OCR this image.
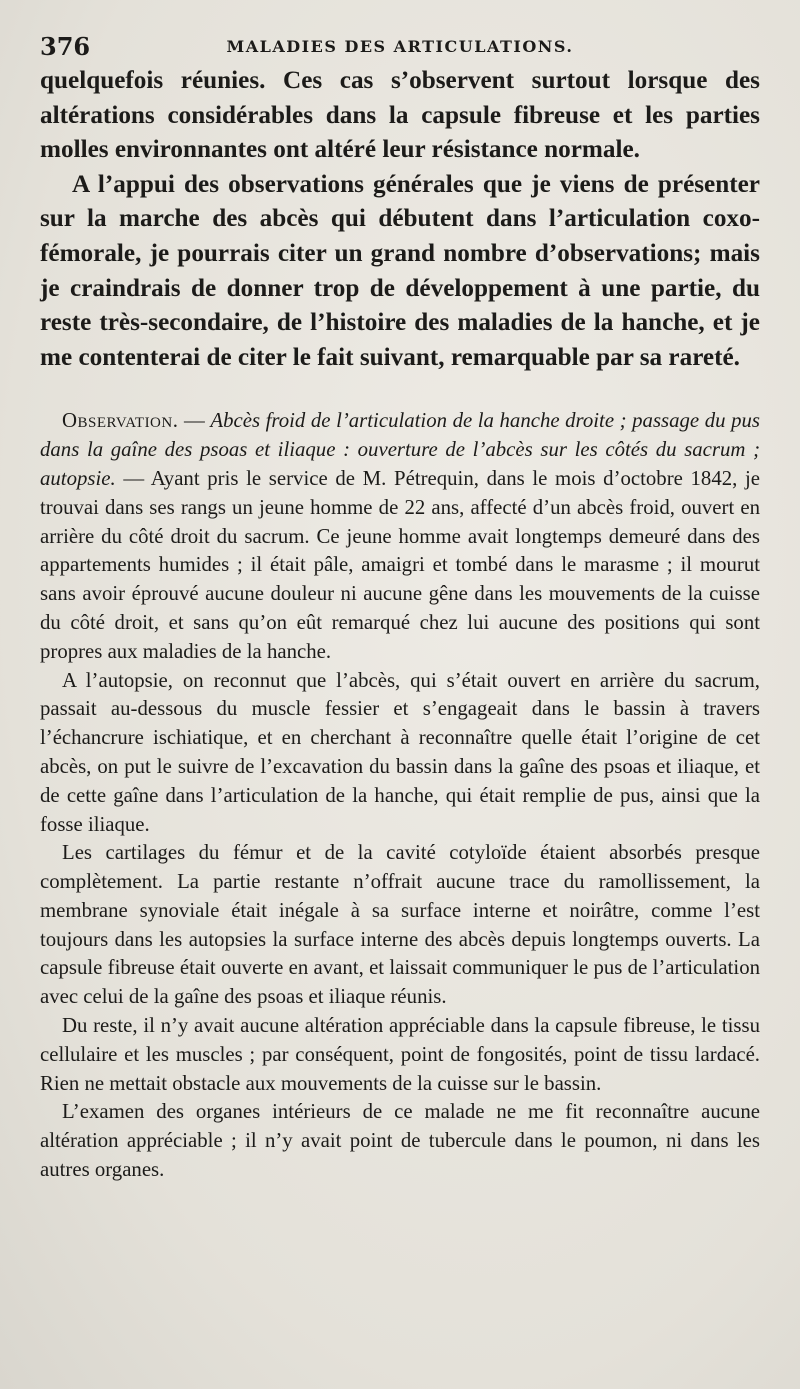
376	MALADIES DES ARTICULATIONS.

quelquefois réunies. Ces cas s’observent surtout lorsque des altérations considérables dans la capsule fibreuse et les parties molles environnantes ont altéré leur résistance normale.

A l’appui des observations générales que je viens de présenter sur la marche des abcès qui débutent dans l’articulation coxo-fémorale, je pourrais citer un grand nombre d’observations; mais je craindrais de donner trop de développement à une partie, du reste très-secondaire, de l’histoire des maladies de la hanche, et je me contenterai de citer le fait suivant, remarquable par sa rareté.

Observation. — Abcès froid de l’articulation de la hanche droite ; passage du pus dans la gaîne des psoas et iliaque : ouverture de l’abcès sur les côtés du sacrum ; autopsie. — Ayant pris le service de M. Pétrequin, dans le mois d’octobre 1842, je trouvai dans ses rangs un jeune homme de 22 ans, affecté d’un abcès froid, ouvert en arrière du côté droit du sacrum. Ce jeune homme avait longtemps demeuré dans des appartements humides ; il était pâle, amaigri et tombé dans le marasme ; il mourut sans avoir éprouvé aucune douleur ni aucune gêne dans les mouvements de la cuisse du côté droit, et sans qu’on eût remarqué chez lui aucune des positions qui sont propres aux maladies de la hanche.

A l’autopsie, on reconnut que l’abcès, qui s’était ouvert en arrière du sacrum, passait au-dessous du muscle fessier et s’engageait dans le bassin à travers l’échancrure ischiatique, et en cherchant à reconnaître quelle était l’origine de cet abcès, on put le suivre de l’excavation du bassin dans la gaîne des psoas et iliaque, et de cette gaîne dans l’articulation de la hanche, qui était remplie de pus, ainsi que la fosse iliaque.

Les cartilages du fémur et de la cavité cotyloïde étaient absorbés presque complètement. La partie restante n’offrait aucune trace du ramollissement, la membrane synoviale était inégale à sa surface interne et noirâtre, comme l’est toujours dans les autopsies la surface interne des abcès depuis longtemps ouverts. La capsule fibreuse était ouverte en avant, et laissait communiquer le pus de l’articulation avec celui de la gaîne des psoas et iliaque réunis.

Du reste, il n’y avait aucune altération appréciable dans la capsule fibreuse, le tissu cellulaire et les muscles ; par conséquent, point de fongosités, point de tissu lardacé. Rien ne mettait obstacle aux mouvements de la cuisse sur le bassin.

L’examen des organes intérieurs de ce malade ne me fit reconnaître aucune altération appréciable ; il n’y avait point de tubercule dans le poumon, ni dans les autres organes.
